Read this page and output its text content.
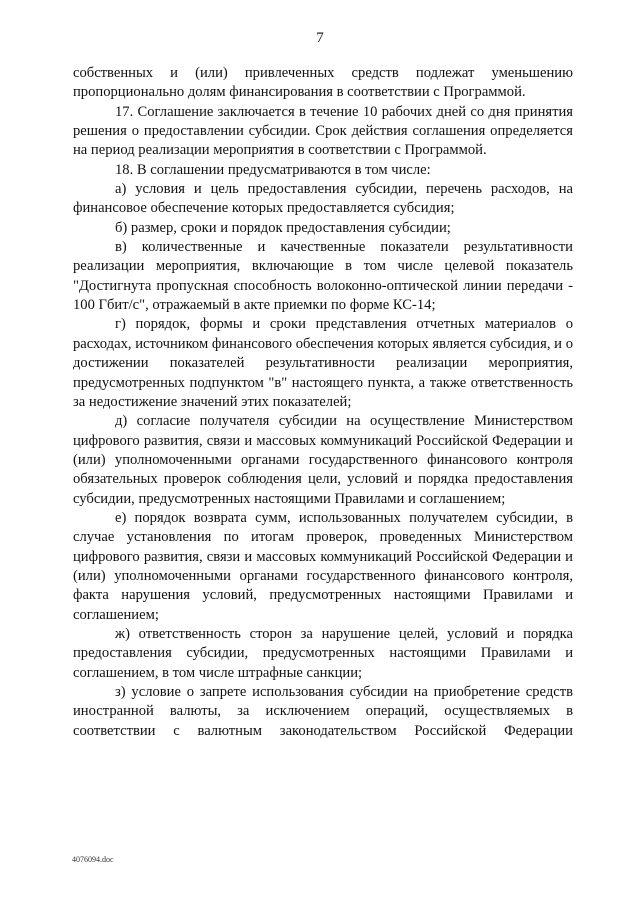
7

собственных и (или) привлеченных средств подлежат уменьшению пропорционально долям финансирования в соответствии с Программой.

17. Соглашение заключается в течение 10 рабочих дней со дня принятия решения о предоставлении субсидии. Срок действия соглашения определяется на период реализации мероприятия в соответствии с Программой.

18. В соглашении предусматриваются в том числе:

а) условия и цель предоставления субсидии, перечень расходов, на финансовое обеспечение которых предоставляется субсидия;

б) размер, сроки и порядок предоставления субсидии;

в) количественные и качественные показатели результативности реализации мероприятия, включающие в том числе целевой показатель "Достигнута пропускная способность волоконно-оптической линии передачи - 100 Гбит/с", отражаемый в акте приемки по форме КС-14;

г) порядок, формы и сроки представления отчетных материалов о расходах, источником финансового обеспечения которых является субсидия, и о достижении показателей результативности реализации мероприятия, предусмотренных подпунктом "в" настоящего пункта, а также ответственность за недостижение значений этих показателей;

д) согласие получателя субсидии на осуществление Министерством цифрового развития, связи и массовых коммуникаций Российской Федерации и (или) уполномоченными органами государственного финансового контроля обязательных проверок соблюдения цели, условий и порядка предоставления субсидии, предусмотренных настоящими Правилами и соглашением;

е) порядок возврата сумм, использованных получателем субсидии, в случае установления по итогам проверок, проведенных Министерством цифрового развития, связи и массовых коммуникаций Российской Федерации и (или) уполномоченными органами государственного финансового контроля, факта нарушения условий, предусмотренных настоящими Правилами и соглашением;

ж) ответственность сторон за нарушение целей, условий и порядка предоставления субсидии, предусмотренных настоящими Правилами и соглашением, в том числе штрафные санкции;

з) условие о запрете использования субсидии на приобретение средств иностранной валюты, за исключением операций, осуществляемых в соответствии с валютным законодательством Российской Федерации

4076094.doc
